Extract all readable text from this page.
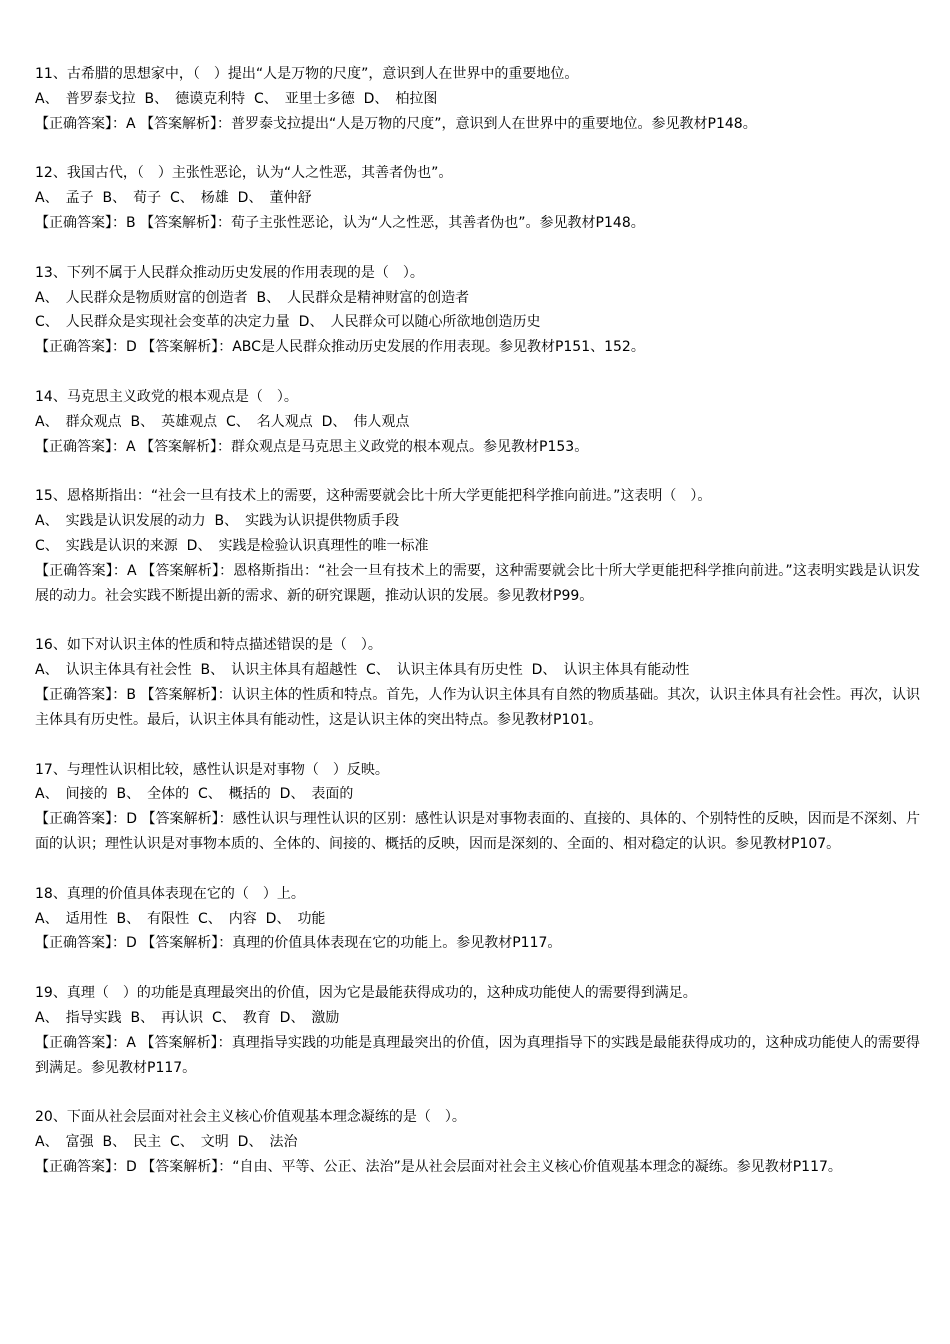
11、古希腊的思想家中，（　）提出“人是万物的尺度”，意识到人在世界中的重要地位。
A、　普罗泰戈拉  B、　德谟克利特  C、　亚里士多德  D、　柏拉图
【正确答案】：A 【答案解析】：普罗泰戈拉提出“人是万物的尺度”，意识到人在世界中的重要地位。参见教材P148。
12、我国古代，（　）主张性恶论，认为“人之性恶，其善者伪也”。
A、　孟子  B、　荀子  C、　杨雄  D、　董仲舒
【正确答案】：B 【答案解析】：荀子主张性恶论，认为“人之性恶，其善者伪也”。参见教材P148。
13、下列不属于人民群众推动历史发展的作用表现的是（　）。
A、　人民群众是物质财富的创造者  B、　人民群众是精神财富的创造者
C、　人民群众是实现社会变革的决定力量  D、　人民群众可以随心所欲地创造历史
【正确答案】：D 【答案解析】：ABC是人民群众推动历史发展的作用表现。参见教材P151、152。
14、马克思主义政党的根本观点是（　）。
A、　群众观点  B、　英雄观点  C、　名人观点  D、　伟人观点
【正确答案】：A 【答案解析】：群众观点是马克思主义政党的根本观点。参见教材P153。
15、恩格斯指出：“社会一旦有技术上的需要，这种需要就会比十所大学更能把科学推向前进。”这表明（　）。
A、　实践是认识发展的动力  B、　实践为认识提供物质手段
C、　实践是认识的来源  D、　实践是检验认识真理性的唯一标准
【正确答案】：A 【答案解析】：恩格斯指出：“社会一旦有技术上的需要，这种需要就会比十所大学更能把科学推向前进。”这表明实践是认识发展的动力。社会实践不断提出新的需求、新的研究课题，推动认识的发展。参见教材P99。
16、如下对认识主体的性质和特点描述错误的是（　）。
A、　认识主体具有社会性  B、　认识主体具有超越性  C、　认识主体具有历史性  D、　认识主体具有能动性
【正确答案】：B 【答案解析】：认识主体的性质和特点。首先，人作为认识主体具有自然的物质基础。其次，认识主体具有社会性。再次，认识主体具有历史性。最后，认识主体具有能动性，这是认识主体的突出特点。参见教材P101。
17、与理性认识相比较，感性认识是对事物（　）反映。
A、　间接的  B、　全体的  C、　概括的  D、　表面的
【正确答案】：D 【答案解析】：感性认识与理性认识的区别：感性认识是对事物表面的、直接的、具体的、个别特性的反映，因而是不深刻、片面的认识；理性认识是对事物本质的、全体的、间接的、概括的反映，因而是深刻的、全面的、相对稳定的认识。参见教材P107。
18、真理的价值具体表现在它的（　）上。
A、　适用性  B、　有限性  C、　内容  D、　功能
【正确答案】：D 【答案解析】：真理的价值具体表现在它的功能上。参见教材P117。
19、真理（　）的功能是真理最突出的价值，因为它是最能获得成功的，这种成功能使人的需要得到满足。
A、　指导实践  B、　再认识  C、　教育  D、　激励
【正确答案】：A 【答案解析】：真理指导实践的功能是真理最突出的价值，因为真理指导下的实践是最能获得成功的，这种成功能使人的需要得到满足。参见教材P117。
20、下面从社会层面对社会主义核心价值观基本理念凝练的是（　）。
A、　富强  B、　民主  C、　文明  D、　法治
【正确答案】：D 【答案解析】：“自由、平等、公正、法治”是从社会层面对社会主义核心价值观基本理念的凝练。参见教材P117。
